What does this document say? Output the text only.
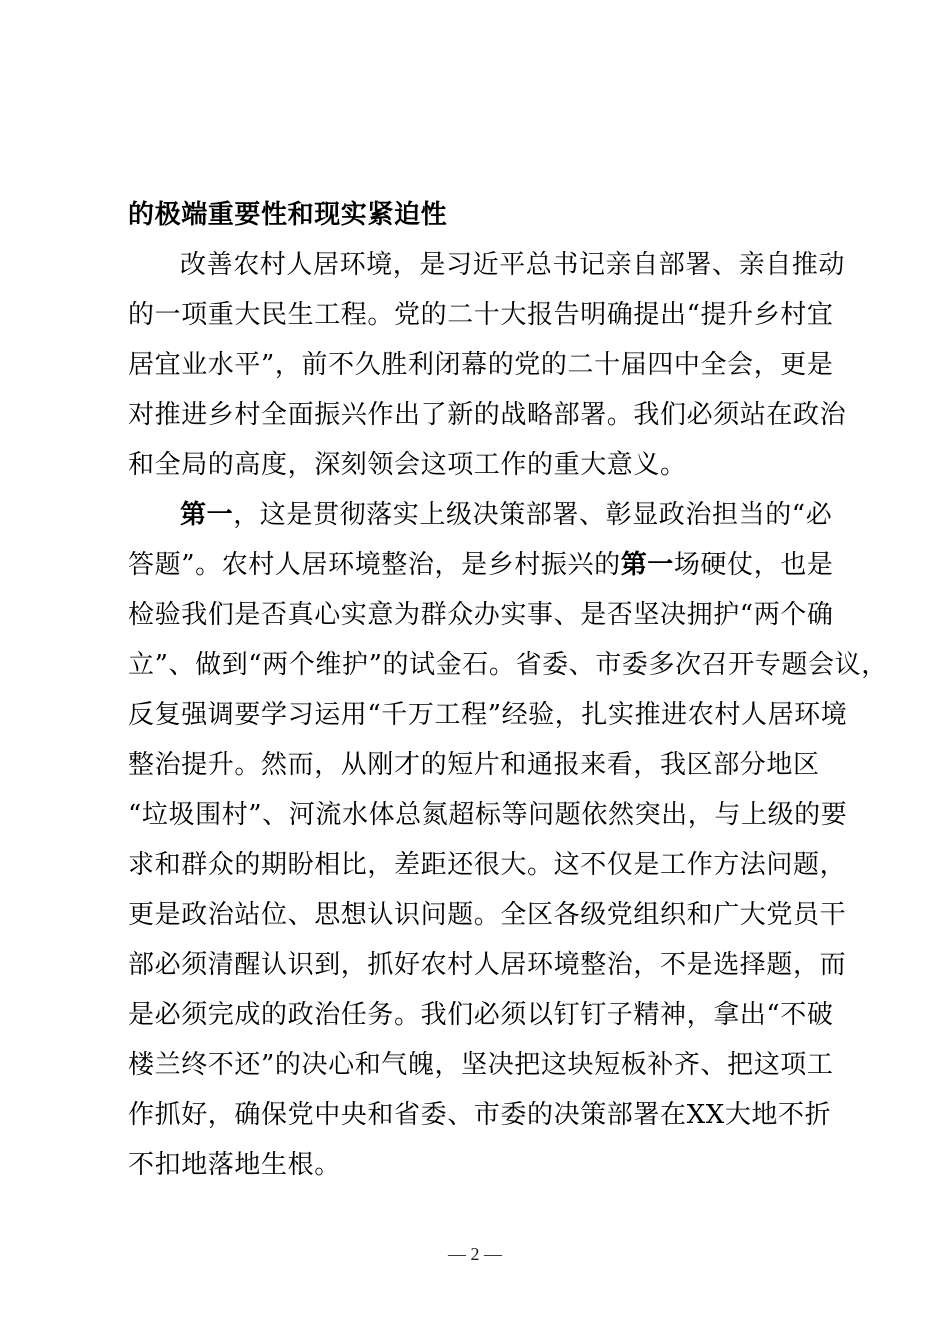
的极端重要性和现实紧迫性
改善农村人居环境，是习近平总书记亲自部署、亲自推动
的一项重大民生工程。党的二十大报告明确提出“提升乡村宜
居宜业水平”，前不久胜利闭幕的党的二十届四中全会，更是
对推进乡村全面振兴作出了新的战略部署。我们必须站在政治
和全局的高度，深刻领会这项工作的重大意义。
第一，这是贯彻落实上级决策部署、彰显政治担当的“必
答题”。农村人居环境整治，是乡村振兴的第一场硬仗，也是
检验我们是否真心实意为群众办实事、是否坚决拥护“两个确
立”、做到“两个维护”的试金石。省委、市委多次召开专题会议，
反复强调要学习运用“千万工程”经验，扎实推进农村人居环境
整治提升。然而，从刚才的短片和通报来看，我区部分地区
“垃圾围村”、河流水体总氮超标等问题依然突出，与上级的要
求和群众的期盼相比，差距还很大。这不仅是工作方法问题，
更是政治站位、思想认识问题。全区各级党组织和广大党员干
部必须清醒认识到，抓好农村人居环境整治，不是选择题，而
是必须完成的政治任务。我们必须以钉钉子精神，拿出“不破
楼兰终不还”的决心和气魄，坚决把这块短板补齐、把这项工
作抓好，确保党中央和省委、市委的决策部署在XX大地不折
不扣地落地生根。
— 2 —
